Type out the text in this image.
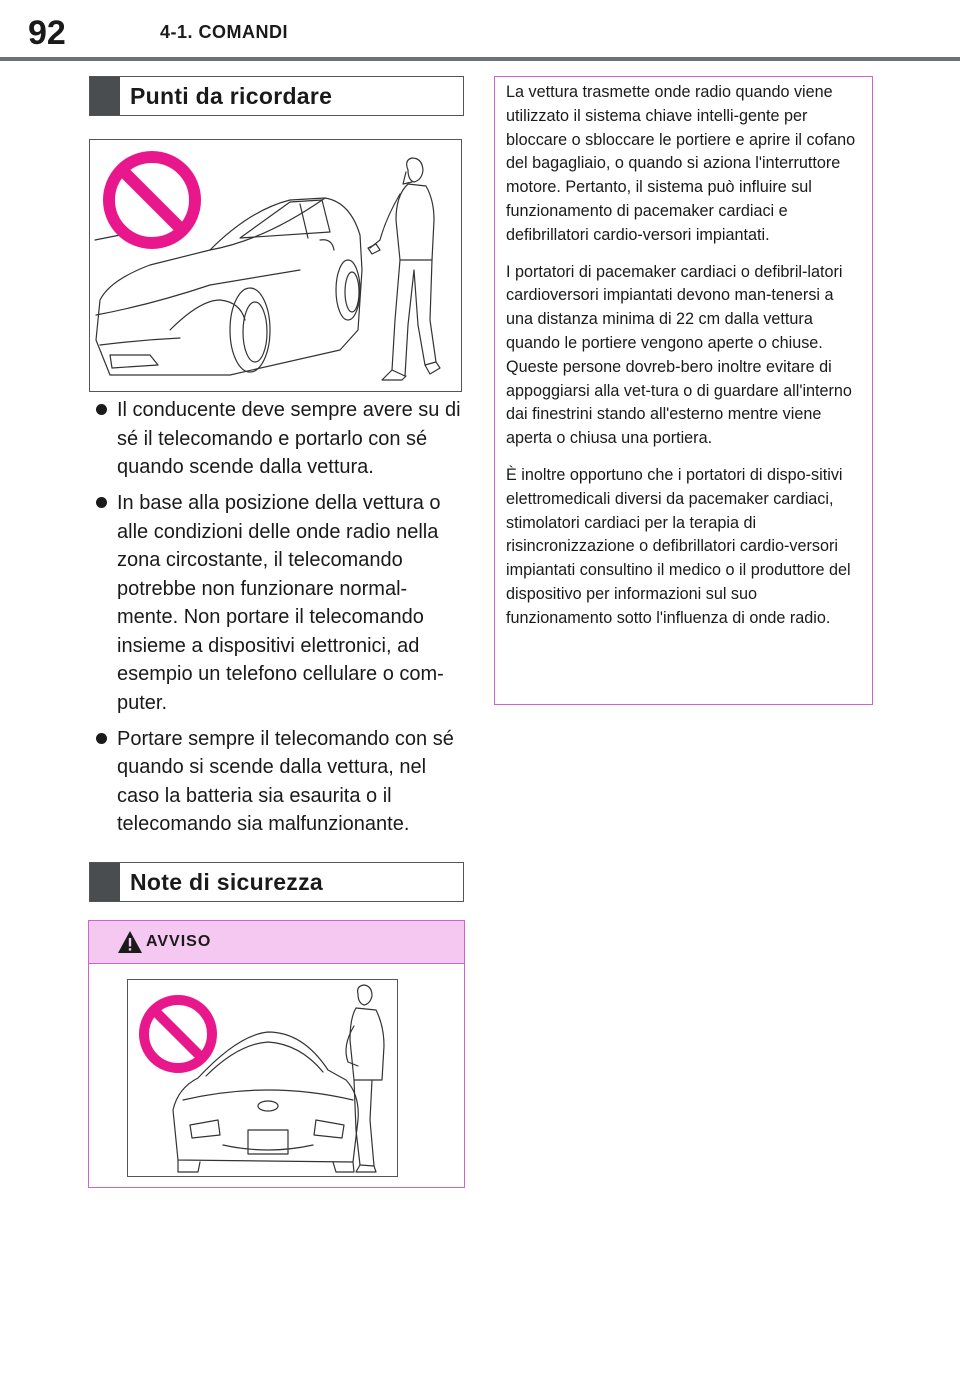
92	4-1. COMANDI
Punti da ricordare
Il conducente deve sempre avere su di sé il telecomando e portarlo con sé quando scende dalla vettura.
In base alla posizione della vettura o alle condizioni delle onde radio nella zona circostante, il telecomando potrebbe non funzionare normal-mente. Non portare il telecomando insieme a dispositivi elettronici, ad esempio un telefono cellulare o com-puter.
Portare sempre il telecomando con sé quando si scende dalla vettura, nel caso la batteria sia esaurita o il telecomando sia malfunzionante.
Note di sicurezza
AVVISO

La vettura trasmette onde radio quando viene utilizzato il sistema chiave intelli-gente per bloccare o sbloccare le portiere e aprire il cofano del bagagliaio, o quando si aziona l'interruttore motore. Pertanto, il sistema può influire sul funzionamento di pacemaker cardiaci e defibrillatori cardio-versori impiantati.

I portatori di pacemaker cardiaci o defibril-latori cardioversori impiantati devono man-tenersi a una distanza minima di 22 cm dalla vettura quando le portiere vengono aperte o chiuse. Queste persone dovreb-bero inoltre evitare di appoggiarsi alla vet-tura o di guardare all'interno dai finestrini stando all'esterno mentre viene aperta o chiusa una portiera.

È inoltre opportuno che i portatori di dispo-sitivi elettromedicali diversi da pacemaker cardiaci, stimolatori cardiaci per la terapia di risincronizzazione o defibrillatori cardio-versori impiantati consultino il medico o il produttore del dispositivo per informazioni sul suo funzionamento sotto l'influenza di onde radio.
